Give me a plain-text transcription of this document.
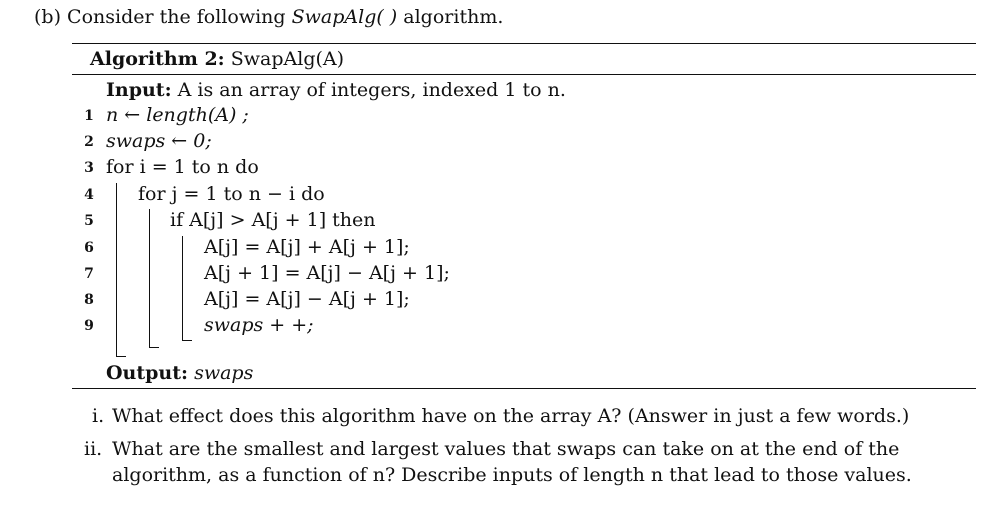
(b) Consider the following SwapAlg( ) algorithm.
Algorithm 2: SwapAlg(A)
Input: A is an array of integers, indexed 1 to n.
1
2
3
4
5
6
7
8
9
n ← length(A) ;
swaps ← 0;
for i = 1 to n do
for j = 1 to n − i do
if A[j] > A[j + 1] then
A[j] = A[j] + A[j + 1];
A[j + 1] = A[j] − A[j + 1];
A[j] = A[j] − A[j + 1];
swaps + +;
Output: swaps
i. What effect does this algorithm have on the array A? (Answer in just a few words.)
ii. What are the smallest and largest values that swaps can take on at the end of the
algorithm, as a function of n? Describe inputs of length n that lead to those values.
